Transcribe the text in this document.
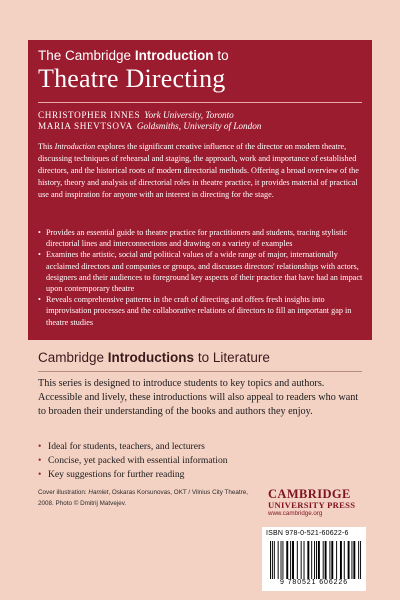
The Cambridge Introduction to
Theatre Directing
CHRISTOPHER INNES York University, Toronto
MARIA SHEVTSOVA Goldsmiths, University of London

This Introduction explores the significant creative influence of the director on modern theatre, discussing techniques of rehearsal and staging, the approach, work and importance of established directors, and the historical roots of modern directorial methods. Offering a broad overview of the history, theory and analysis of directorial roles in theatre practice, it provides material of practical use and inspiration for anyone with an interest in directing for the stage.

• Provides an essential guide to theatre practice for practitioners and students, tracing stylistic directorial lines and interconnections and drawing on a variety of examples
• Examines the artistic, social and political values of a wide range of major, internationally acclaimed directors and companies or groups, and discusses directors' relationships with actors, designers and their audiences to foreground key aspects of their practice that have had an impact upon contemporary theatre
• Reveals comprehensive patterns in the craft of directing and offers fresh insights into improvisation processes and the collaborative relations of directors to fill an important gap in theatre studies
Cambridge Introductions to Literature

This series is designed to introduce students to key topics and authors. Accessible and lively, these introductions will also appeal to readers who want to broaden their understanding of the books and authors they enjoy.

• Ideal for students, teachers, and lecturers
• Concise, yet packed with essential information
• Key suggestions for further reading

Cover illustration: Hamlet, Oskaras Korsunovas, OKT / Vilnius City Theatre, 2008. Photo © Dmitrij Matvejev.

CAMBRIDGE
UNIVERSITY PRESS
www.cambridge.org
ISBN 978-0-521-60622-6
9 780521 606226
